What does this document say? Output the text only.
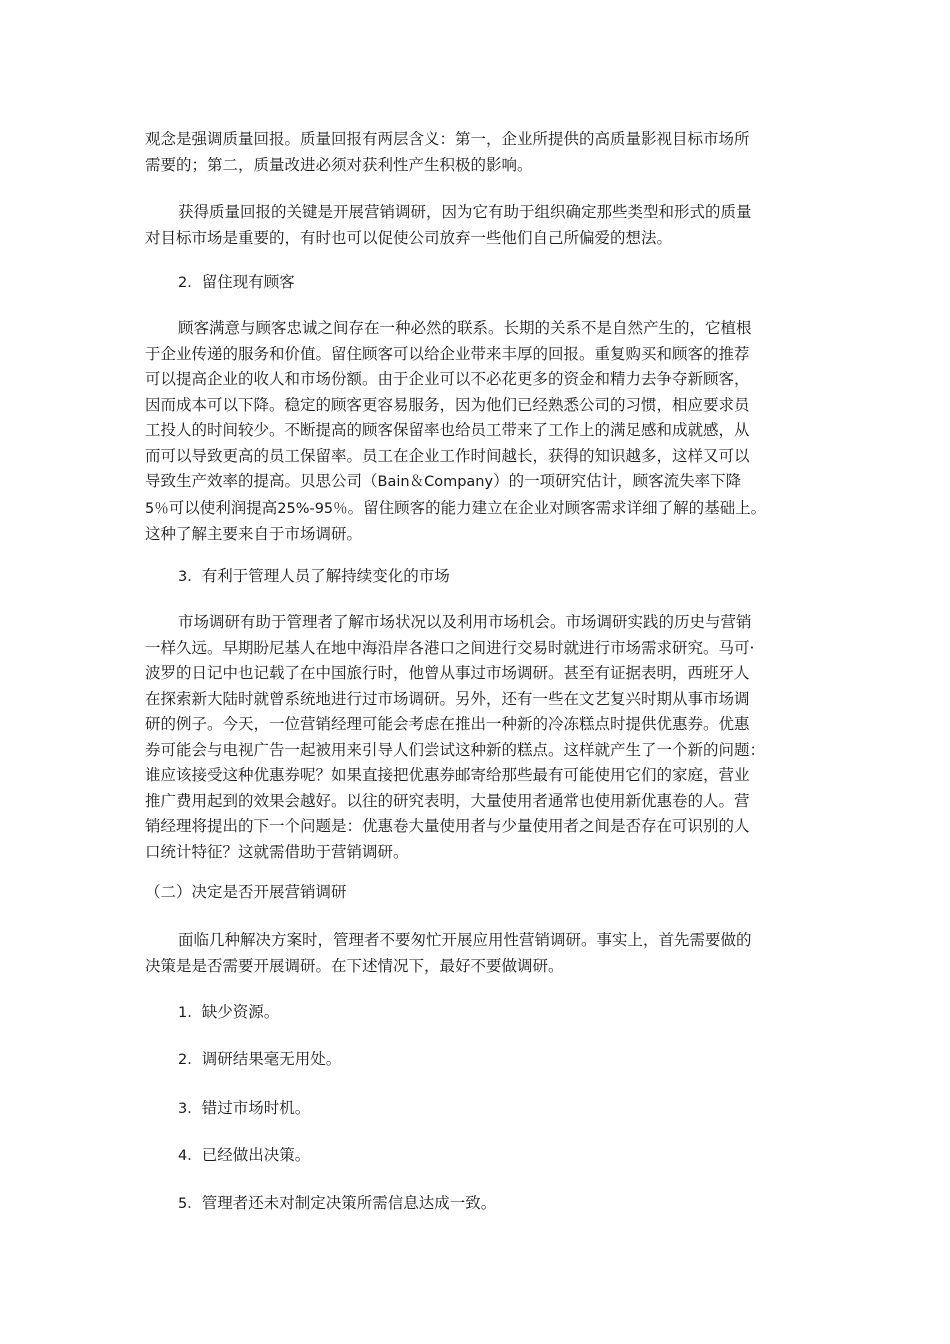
观念是强调质量回报。质量回报有两层含义：第一，企业所提供的高质量影视目标市场所
需要的；第二，质量改进必须对获利性产生积极的影响。
获得质量回报的关键是开展营销调研，因为它有助于组织确定那些类型和形式的质量
对目标市场是重要的，有时也可以促使公司放弃一些他们自己所偏爱的想法。
2．留住现有顾客
顾客满意与顾客忠诚之间存在一种必然的联系。长期的关系不是自然产生的，它植根
于企业传递的服务和价值。留住顾客可以给企业带来丰厚的回报。重复购买和顾客的推荐
可以提高企业的收人和市场份额。由于企业可以不必花更多的资金和精力去争夺新顾客，
因而成本可以下降。稳定的顾客更容易服务，因为他们已经熟悉公司的习惯，相应要求员
工投人的时间较少。不断提高的顾客保留率也给员工带来了工作上的满足感和成就感，从
而可以导致更高的员工保留率。员工在企业工作时间越长，获得的知识越多，这样又可以
导致生产效率的提高。贝思公司（Bain＆Company）的一项研究估计，顾客流失率下降
5％可以使利润提高25%-95％。留住顾客的能力建立在企业对顾客需求详细了解的基础上。
这种了解主要来自于市场调研。
3．有利于管理人员了解持续变化的市场
市场调研有助于管理者了解市场状况以及利用市场机会。市场调研实践的历史与营销
一样久远。早期盼尼基人在地中海沿岸各港口之间进行交易时就进行市场需求研究。马可·
波罗的日记中也记载了在中国旅行时，他曾从事过市场调研。甚至有证据表明，西班牙人
在探索新大陆时就曾系统地进行过市场调研。另外，还有一些在文艺复兴时期从事市场调
研的例子。今天，一位营销经理可能会考虑在推出一种新的冷冻糕点时提供优惠券。优惠
券可能会与电视广告一起被用来引导人们尝试这种新的糕点。这样就产生了一个新的问题：
谁应该接受这种优惠券呢？如果直接把优惠券邮寄给那些最有可能使用它们的家庭，营业
推广费用起到的效果会越好。以往的研究表明，大量使用者通常也使用新优惠卷的人。营
销经理将提出的下一个问题是：优惠卷大量使用者与少量使用者之间是否存在可识别的人
口统计特征？这就需借助于营销调研。
（二）决定是否开展营销调研
面临几种解决方案时，管理者不要匆忙开展应用性营销调研。事实上，首先需要做的
决策是是否需要开展调研。在下述情况下，最好不要做调研。
1．缺少资源。
2．调研结果毫无用处。
3．错过市场时机。
4．已经做出决策。
5．管理者还未对制定决策所需信息达成一致。
